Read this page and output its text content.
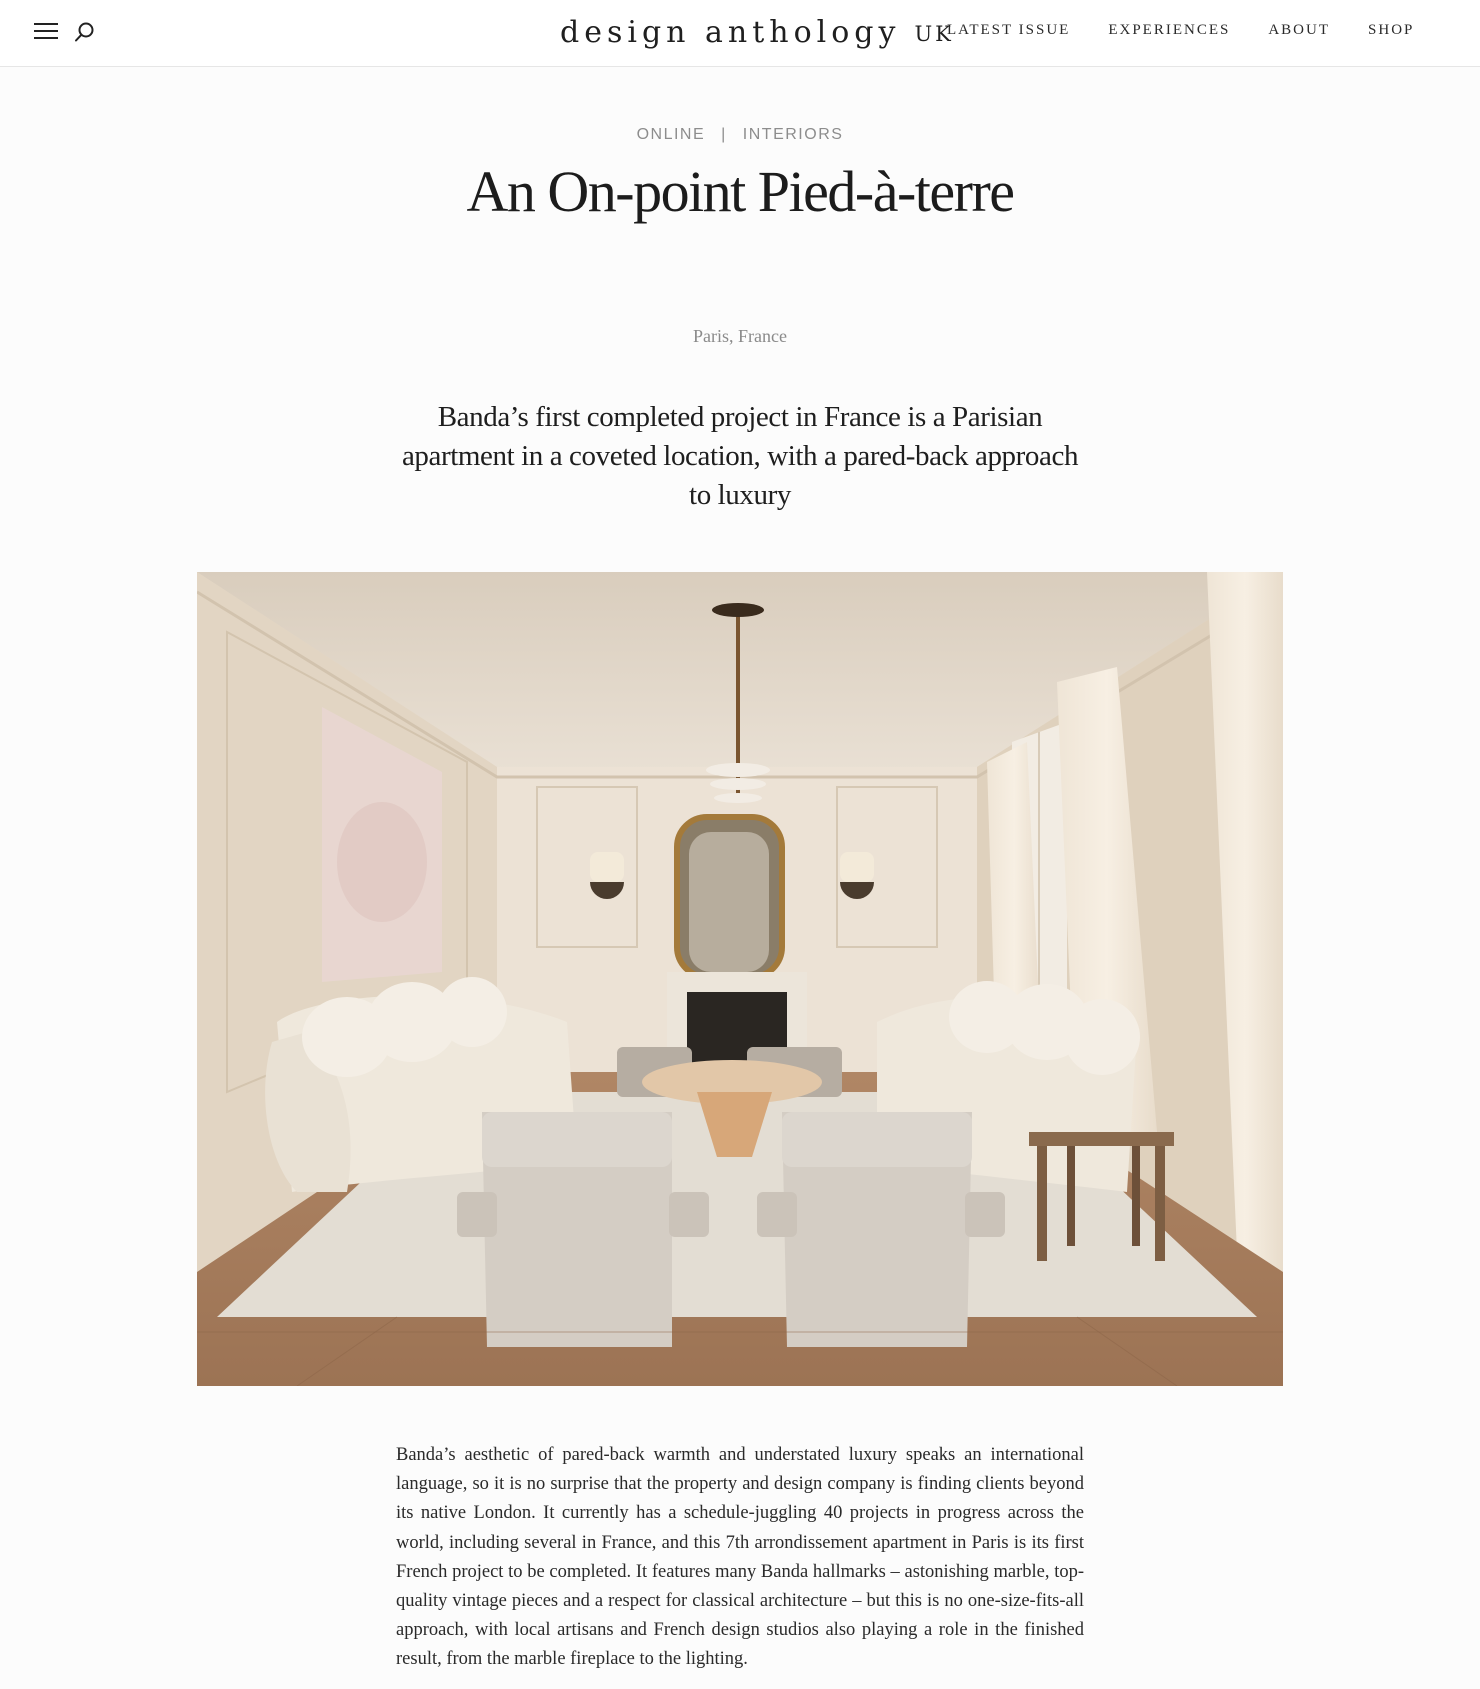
design anthology UK
LATEST ISSUE	EXPERIENCES	ABOUT	SHOP
ONLINE | INTERIORS
An On-point Pied-à-terre
Paris, France

Banda’s first completed project in France is a Parisian apartment in a coveted location, with a pared-back approach to luxury

Banda’s aesthetic of pared-back warmth and understated luxury speaks an international language, so it is no surprise that the property and design company is finding clients beyond its native London. It currently has a schedule-juggling 40 projects in progress across the world, including several in France, and this 7th arrondissement apartment in Paris is its first French project to be completed. It features many Banda hallmarks – astonishing marble, top-quality vintage pieces and a respect for classical architecture – but this is no one-size-fits-all approach, with local artisans and French design studios also playing a role in the finished result, from the marble fireplace to the lighting.
